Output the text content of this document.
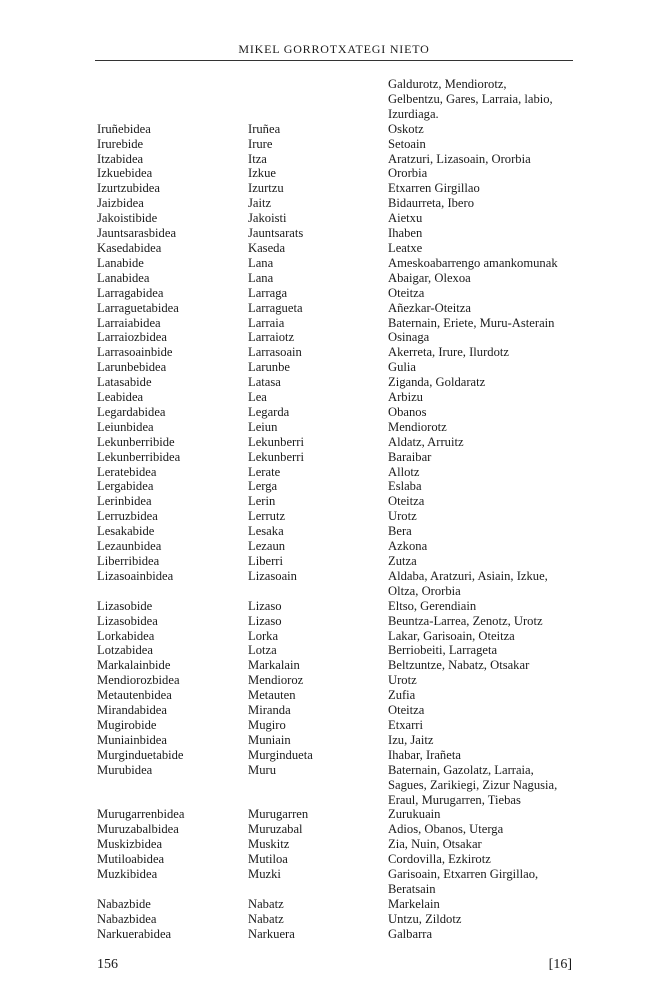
MIKEL GORROTXATEGI NIETO
Galdurotz, Mendiorotz,
Gelbentzu, Gares, Larraia, labio,
Izurdiaga.
Iruñebidea	Iruñea	Oskotz
Irurebide	Irure	Setoain
Itzabidea	Itza	Aratzuri, Lizasoain, Ororbia
Izkuebidea	Izkue	Ororbia
Izurtzubidea	Izurtzu	Etxarren Girgillao
Jaizbidea	Jaitz	Bidaurreta, Ibero
Jakoistibide	Jakoisti	Aietxu
Jauntsarasbidea	Jauntsarats	Ihaben
Kasedabidea	Kaseda	Leatxe
Lanabide	Lana	Ameskoabarrengo amankomunak
Lanabidea	Lana	Abaigar, Olexoa
Larragabidea	Larraga	Oteitza
Larraguetabidea	Larragueta	Añezkar-Oteitza
Larraiabidea	Larraia	Baternain, Eriete, Muru-Asterain
Larraiozbidea	Larraiotz	Osinaga
Larrasoainbide	Larrasoain	Akerreta, Irure, Ilurdotz
Larunbebidea	Larunbe	Gulia
Latasabide	Latasa	Ziganda, Goldaratz
Leabidea	Lea	Arbizu
Legardabidea	Legarda	Obanos
Leiunbidea	Leiun	Mendiorotz
Lekunberribide	Lekunberri	Aldatz, Arruitz
Lekunberribidea	Lekunberri	Baraibar
Leratebidea	Lerate	Allotz
Lergabidea	Lerga	Eslaba
Lerinbidea	Lerin	Oteitza
Lerruzbidea	Lerrutz	Urotz
Lesakabide	Lesaka	Bera
Lezaunbidea	Lezaun	Azkona
Liberribidea	Liberri	Zutza
Lizasoainbidea	Lizasoain	Aldaba, Aratzuri, Asiain, Izkue,
Oltza, Ororbia
Lizasobide	Lizaso	Eltso, Gerendiain
Lizasobidea	Lizaso	Beuntza-Larrea, Zenotz, Urotz
Lorkabidea	Lorka	Lakar, Garisoain, Oteitza
Lotzabidea	Lotza	Berriobeiti, Larrageta
Markalainbide	Markalain	Beltzuntze, Nabatz, Otsakar
Mendiorozbidea	Mendioroz	Urotz
Metautenbidea	Metauten	Zufia
Mirandabidea	Miranda	Oteitza
Mugirobide	Mugiro	Etxarri
Muniainbidea	Muniain	Izu, Jaitz
Murginduetabide	Murgindueta	Ihabar, Irañeta
Murubidea	Muru	Baternain, Gazolatz, Larraia,
Sagues, Zarikiegi, Zizur Nagusia,
Eraul, Murugarren, Tiebas
Murugarrenbidea	Murugarren	Zurukuain
Muruzabalbidea	Muruzabal	Adios, Obanos, Uterga
Muskizbidea	Muskitz	Zia, Nuin, Otsakar
Mutiloabidea	Mutiloa	Cordovilla, Ezkirotz
Muzkibidea	Muzki	Garisoain, Etxarren Girgillao,
Beratsain
Nabazbide	Nabatz	Markelain
Nabazbidea	Nabatz	Untzu, Zildotz
Narkuerabidea	Narkuera	Galbarra
156	[16]
